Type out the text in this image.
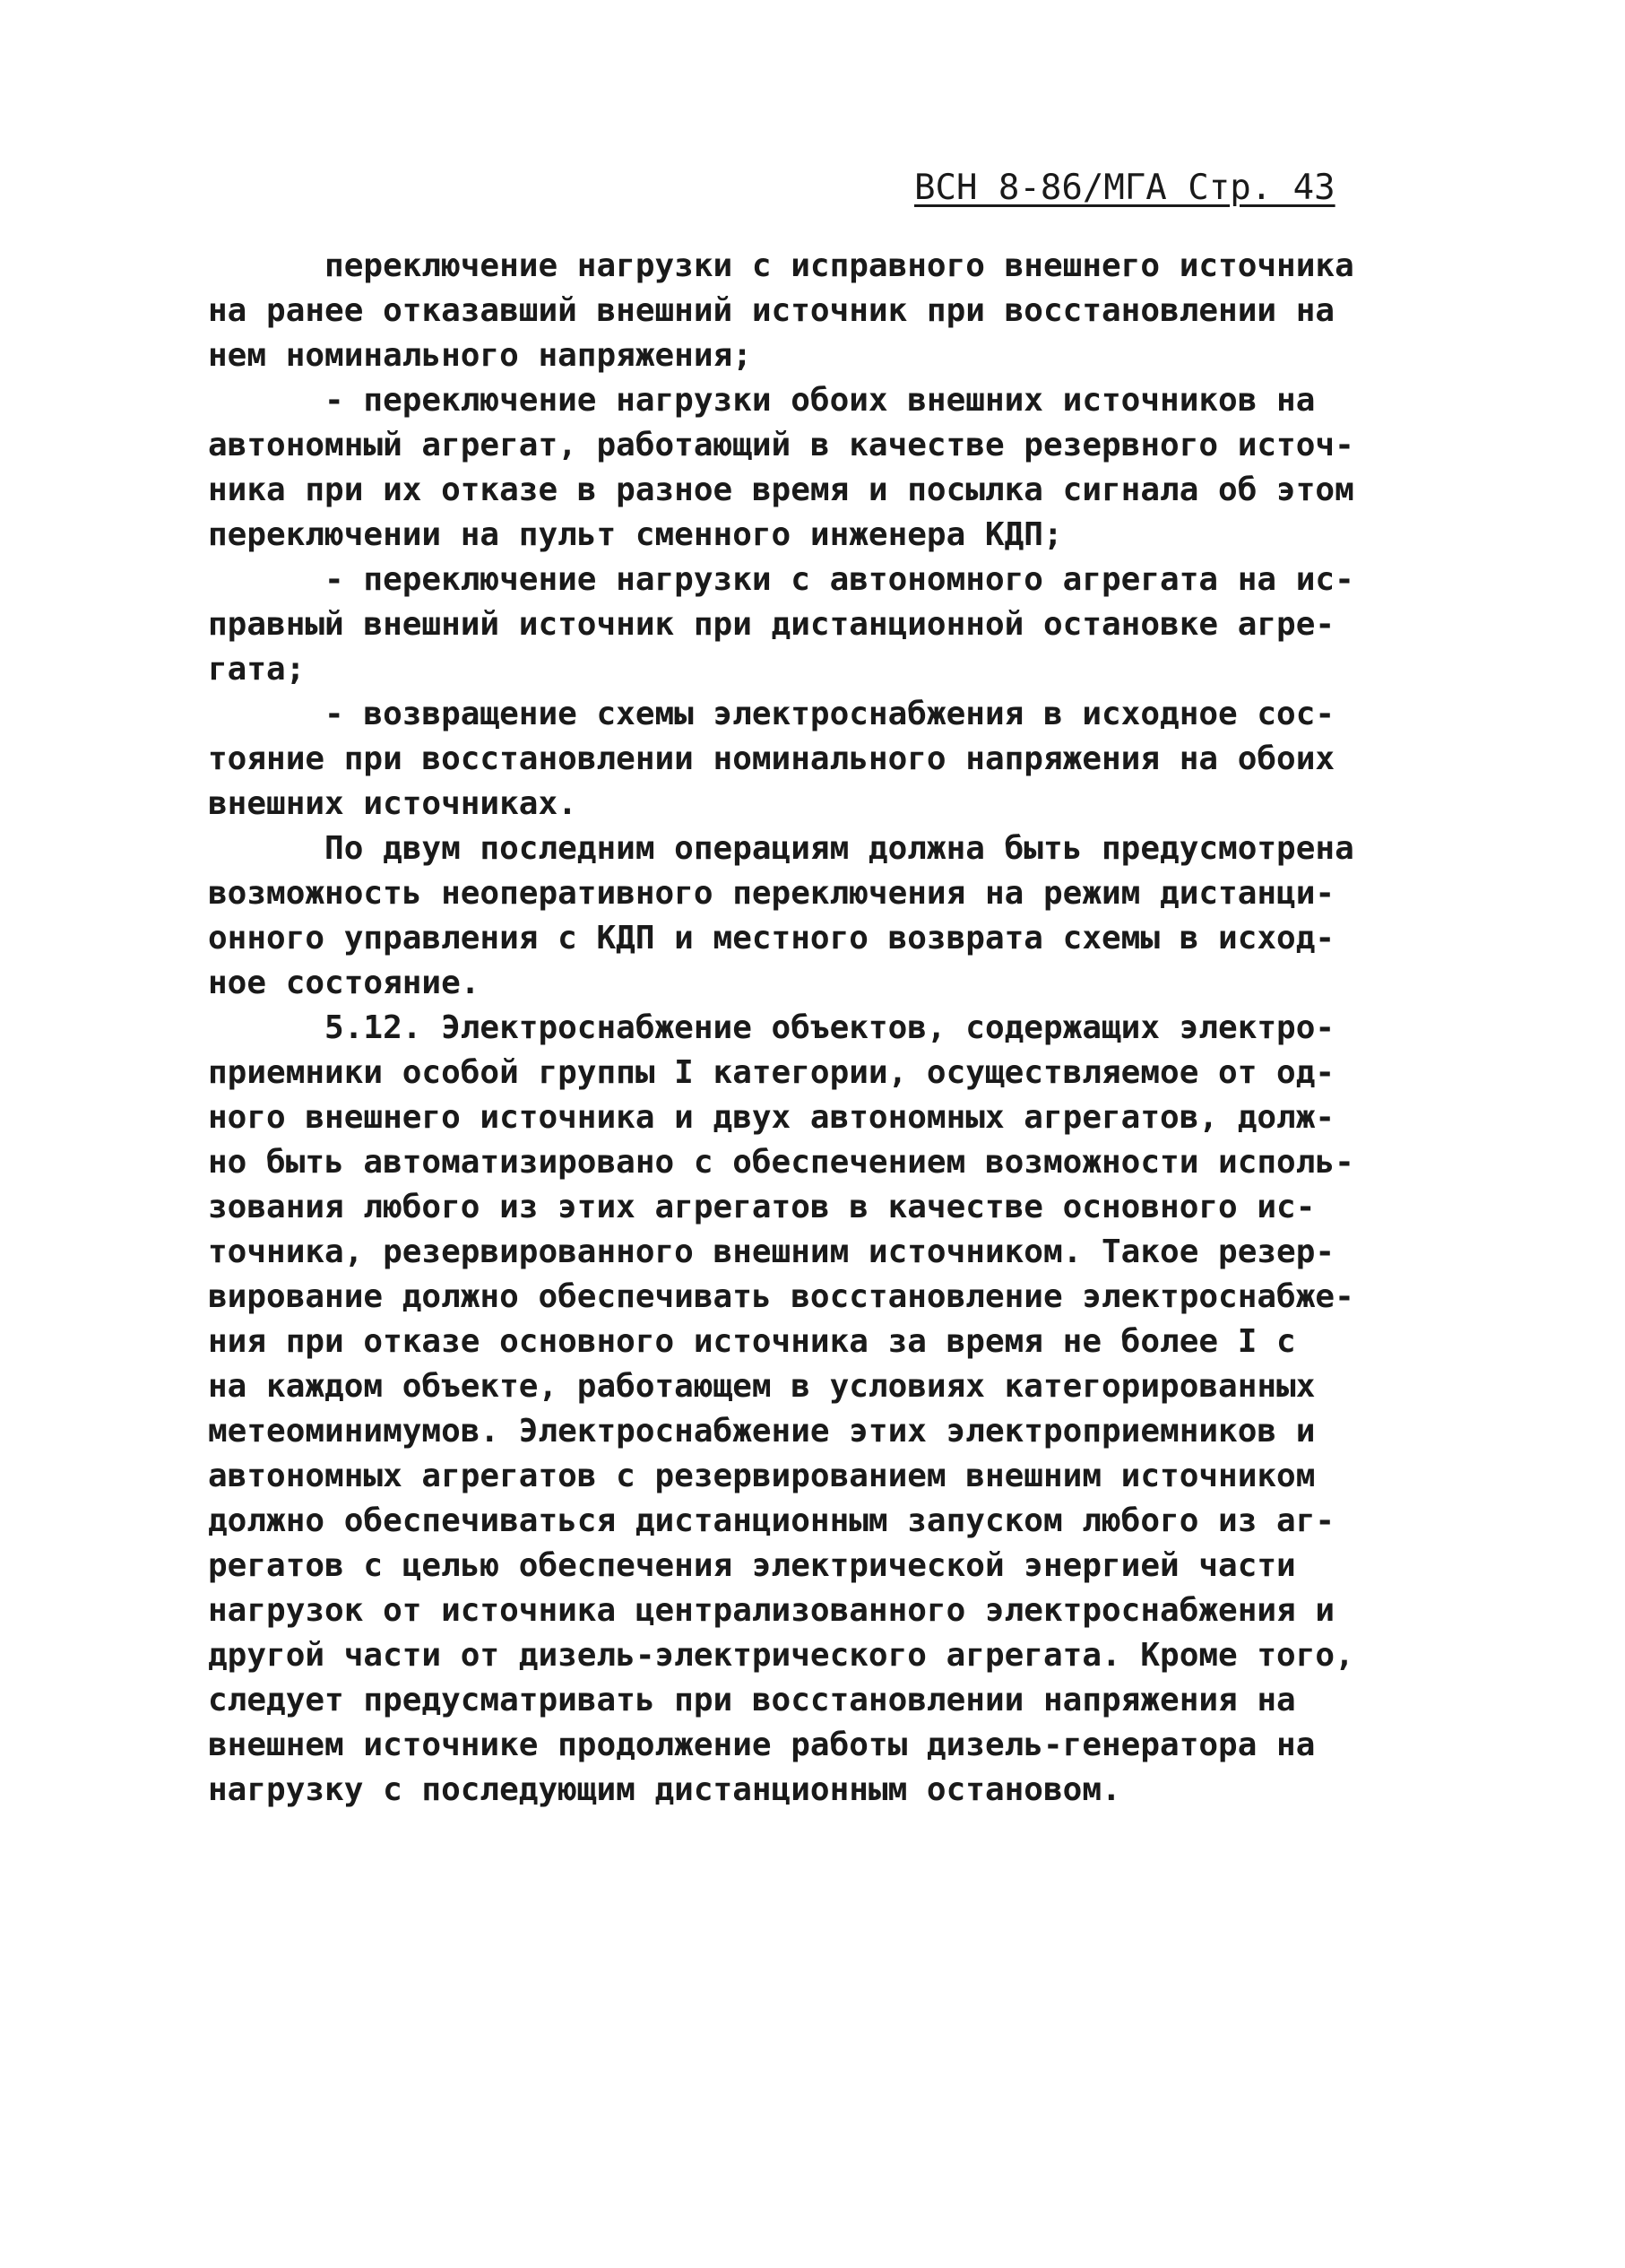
ВСН 8-86/МГА Стр. 43
переключение нагрузки с исправного внешнего источника
на ранее отказавший внешний источник при восстановлении на
нем номинального напряжения;
- переключение нагрузки обоих внешних источников на
автономный агрегат, работающий в качестве резервного источ-
ника при их отказе в разное время и посылка сигнала об этом
переключении на пульт сменного инженера КДП;
- переключение нагрузки с автономного агрегата на ис-
правный внешний источник при дистанционной остановке агре-
гата;
- возвращение схемы электроснабжения в исходное сос-
тояние при восстановлении номинального напряжения на обоих
внешних источниках.
По двум последним операциям должна быть предусмотрена
возможность неоперативного переключения на режим дистанци-
онного управления с КДП и местного возврата схемы в исход-
ное состояние.
5.12. Электроснабжение объектов, содержащих электро-
приемники особой группы I категории, осуществляемое от од-
ного внешнего источника и двух автономных агрегатов, долж-
но быть автоматизировано с обеспечением возможности исполь-
зования любого из этих агрегатов в качестве основного ис-
точника, резервированного внешним источником. Такое резер-
вирование должно обеспечивать восстановление электроснабже-
ния при отказе основного источника за время не более I с
на каждом объекте, работающем в условиях категорированных
метеоминимумов. Электроснабжение этих электроприемников и
автономных агрегатов с резервированием внешним источником
должно обеспечиваться дистанционным запуском любого из аг-
регатов с целью обеспечения электрической энергией части
нагрузок от источника централизованного электроснабжения и
другой части от дизель-электрического агрегата. Кроме того,
следует предусматривать при восстановлении напряжения на
внешнем источнике продолжение работы дизель-генератора на
нагрузку с последующим дистанционным остановом.
